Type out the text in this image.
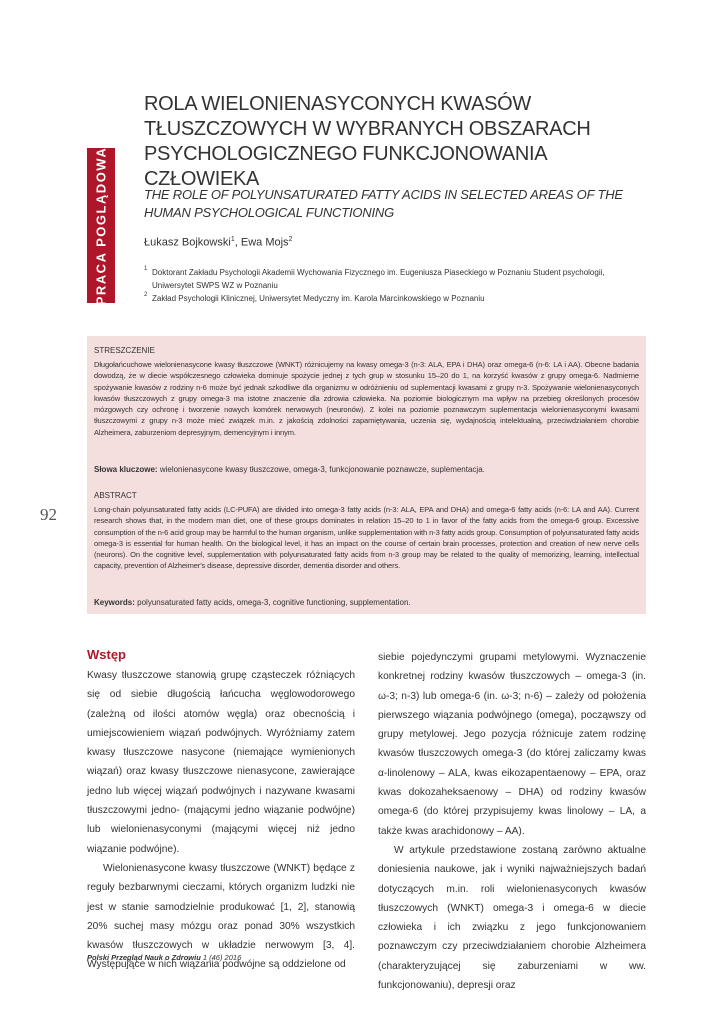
PRACA POGLĄDOWA
92
ROLA WIELONIENASYCONYCH KWASÓW TŁUSZCZOWYCH W WYBRANYCH OBSZARACH PSYCHOLOGICZNEGO FUNKCJONOWANIA CZŁOWIEKA
THE ROLE OF POLYUNSATURATED FATTY ACIDS IN SELECTED AREAS OF THE HUMAN PSYCHOLOGICAL FUNCTIONING
Łukasz Bojkowski$^1$, Ewa Mojs$^2$
1 Doktorant Zakładu Psychologii Akademii Wychowania Fizycznego im. Eugeniusza Piaseckiego w Poznaniu Student psychologii, Uniwersytet SWPS WZ w Poznaniu
2 Zakład Psychologii Klinicznej, Uniwersytet Medyczny im. Karola Marcinkowskiego w Poznaniu
STRESZCZENIE
Długołańcuchowe wielonienasycone kwasy tłuszczowe (WNKT) różnicujemy na kwasy omega-3 (n-3: ALA, EPA i DHA) oraz omega-6 (n-6: LA i AA). Obecne badania dowodzą, że w diecie współczesnego człowieka dominuje spożycie jednej z tych grup w stosunku 15–20 do 1, na korzyść kwasów z grupy omega-6. Nadmierne spożywanie kwasów z rodziny n-6 może być jednak szkodliwe dla organizmu w odróżnieniu od suplementacji kwasami z grupy n-3. Spożywanie wielonienasyconych kwasów tłuszczowych z grupy omega-3 ma istotne znaczenie dla zdrowia człowieka. Na poziomie biologicznym ma wpływ na przebieg określonych procesów mózgowych czy ochronę i tworzenie nowych komórek nerwowych (neuronów). Z kolei na poziomie poznawczym suplementacja wielonienasyconymi kwasami tłuszczowymi z grupy n-3 może mieć związek m.in. z jakością zdolności zapamiętywania, uczenia się, wydajnością intelektualną, przeciwdziałaniem chorobie Alzheimera, zaburzeniom depresyjnym, demencyjnym i innym.
Słowa kluczowe: wielonienasycone kwasy tłuszczowe, omega-3, funkcjonowanie poznawcze, suplementacja.
ABSTRACT
Long-chain polyunsaturated fatty acids (LC-PUFA) are divided into omega-3 fatty acids (n-3: ALA, EPA and DHA) and omega-6 fatty acids (n-6: LA and AA). Current research shows that, in the modern man diet, one of these groups dominates in relation 15–20 to 1 in favor of the fatty acids from the omega-6 group. Excessive consumption of the n-6 acid group may be harmful to the human organism, unlike supplementation with n-3 fatty acids group. Consumption of polyunsaturated fatty acids omega-3 is essential for human health. On the biological level, it has an impact on the course of certain brain processes, protection and creation of new nerve cells (neurons). On the cognitive level, supplementation with polyunsaturated fatty acids from n-3 group may be related to the quality of memorizing, learning, intellectual capacity, prevention of Alzheimer's disease, depressive disorder, dementia disorder and others.
Keywords: polyunsaturated fatty acids, omega-3, cognitive functioning, supplementation.
Wstęp

Kwasy tłuszczowe stanowią grupę cząsteczek różniących się od siebie długością łańcucha węglowodorowego (zależną od ilości atomów węgla) oraz obecnością i umiejscowieniem wiązań podwójnych. Wyróżniamy zatem kwasy tłuszczowe nasycone (niemające wymienionych wiązań) oraz kwasy tłuszczowe nienasycone, zawierające jedno lub więcej wiązań podwójnych i nazywane kwasami tłuszczowymi jedno- (mającymi jedno wiązanie podwójne) lub wielonienasyconymi (mającymi więcej niż jedno wiązanie podwójne).

Wielonienasycone kwasy tłuszczowe (WNKT) będące z reguły bezbarwnymi cieczami, których organizm ludzki nie jest w stanie samodzielnie produkować [1, 2], stanowią 20% suchej masy mózgu oraz ponad 30% wszystkich kwasów tłuszczowych w układzie nerwowym [3, 4]. Występujące w nich wiązania podwójne są oddzielone od

siebie pojedynczymi grupami metylowymi. Wyznaczenie konkretnej rodziny kwasów tłuszczowych – omega-3 (in. ω-3; n-3) lub omega-6 (in. ω-3; n-6) – zależy od położenia pierwszego wiązania podwójnego (omega), począwszy od grupy metylowej. Jego pozycja różnicuje zatem rodzinę kwasów tłuszczowych omega-3 (do której zaliczamy kwas α-linolenowy – ALA, kwas eikozapentaenowy – EPA, oraz kwas dokozaheksaenowy – DHA) od rodziny kwasów omega-6 (do której przypisujemy kwas linolowy – LA, a także kwas arachidonowy – AA).

W artykule przedstawione zostaną zarówno aktualne doniesienia naukowe, jak i wyniki najważniejszych badań dotyczących m.in. roli wielonienasyconych kwasów tłuszczowych (WNKT) omega-3 i omega-6 w diecie człowieka i ich związku z jego funkcjonowaniem poznawczym czy przeciwdziałaniem chorobie Alzheimera (charakteryzującej się zaburzeniami w ww. funkcjonowaniu), depresji oraz

Polski Przegląd Nauk o Zdrowiu 1 (46) 2016
